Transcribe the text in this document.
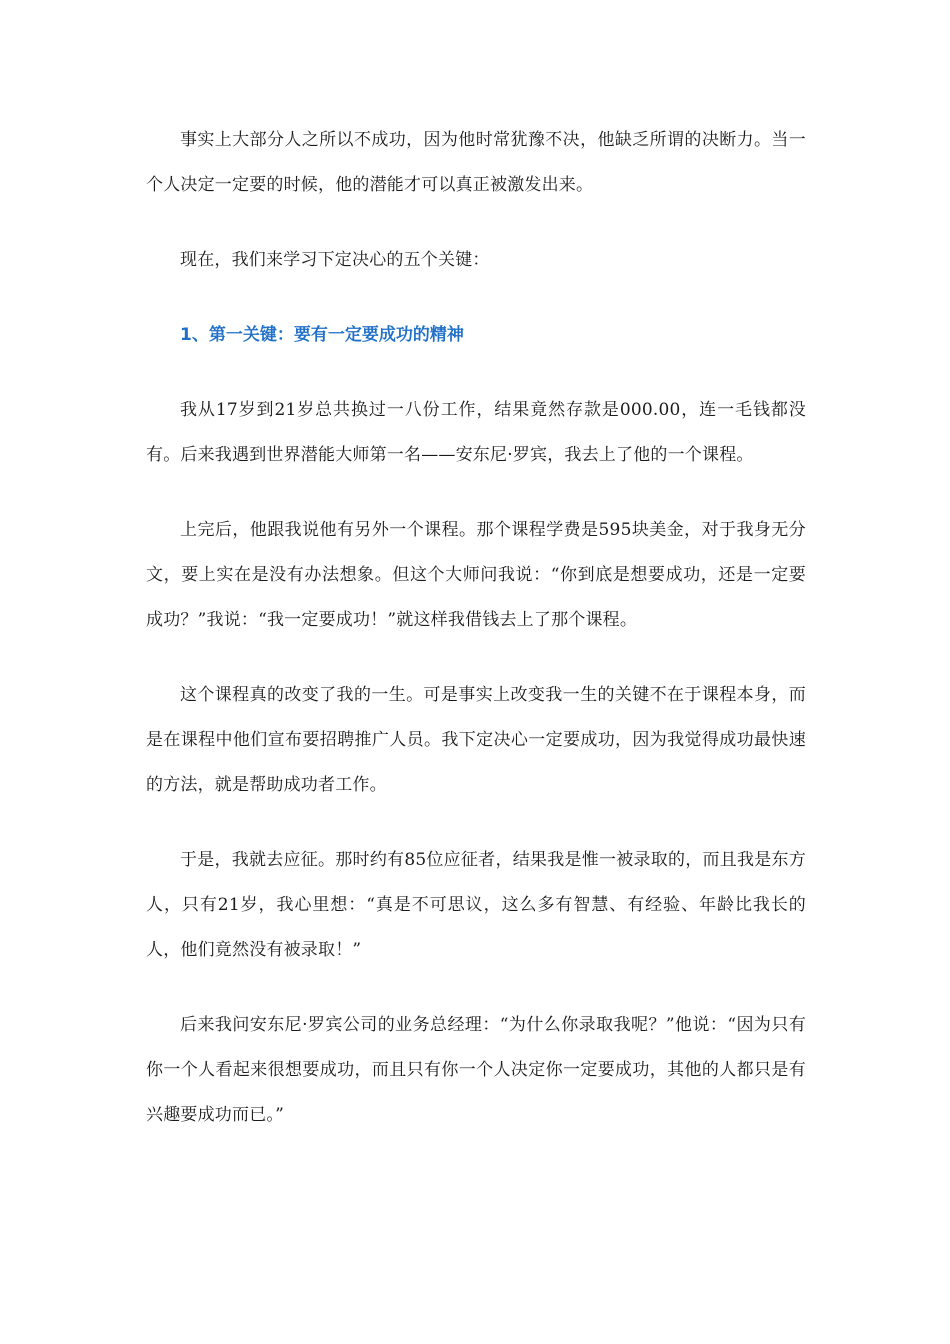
事实上大部分人之所以不成功，因为他时常犹豫不决，他缺乏所谓的决断力。当一个人决定一定要的时候，他的潜能才可以真正被激发出来。

现在，我们来学习下定决心的五个关键：

1、第一关键：要有一定要成功的精神

我从17岁到21岁总共换过一八份工作，结果竟然存款是000.00，连一毛钱都没有。后来我遇到世界潜能大师第一名——安东尼·罗宾，我去上了他的一个课程。

上完后，他跟我说他有另外一个课程。那个课程学费是595块美金，对于我身无分文，要上实在是没有办法想象。但这个大师问我说：“你到底是想要成功，还是一定要成功？”我说：“我一定要成功！”就这样我借钱去上了那个课程。

这个课程真的改变了我的一生。可是事实上改变我一生的关键不在于课程本身，而是在课程中他们宣布要招聘推广人员。我下定决心一定要成功，因为我觉得成功最快速的方法，就是帮助成功者工作。

于是，我就去应征。那时约有85位应征者，结果我是惟一被录取的，而且我是东方人，只有21岁，我心里想：“真是不可思议，这么多有智慧、有经验、年龄比我长的人，他们竟然没有被录取！”

后来我问安东尼·罗宾公司的业务总经理：“为什么你录取我呢？”他说：“因为只有你一个人看起来很想要成功，而且只有你一个人决定你一定要成功，其他的人都只是有兴趣要成功而已。”
